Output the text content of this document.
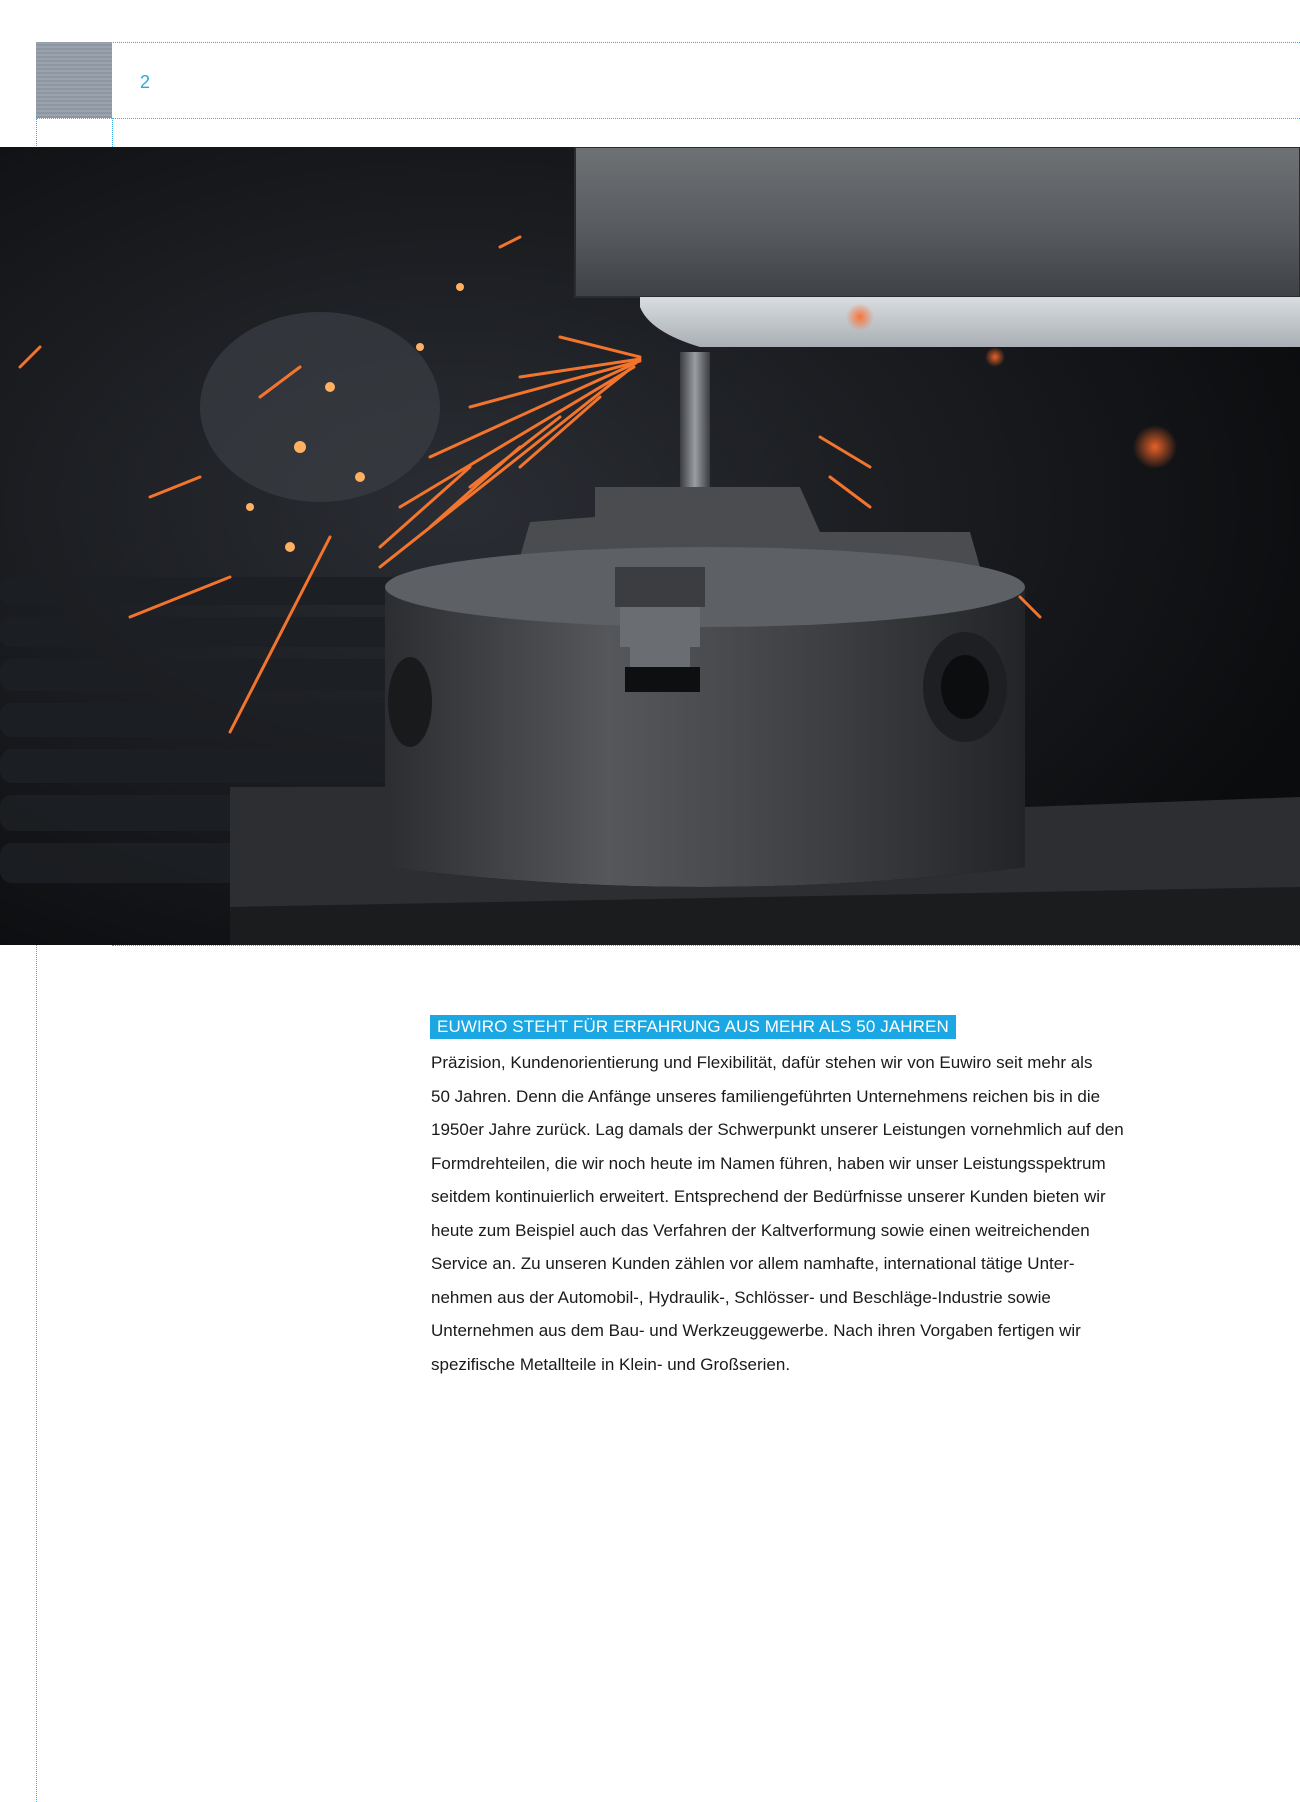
2
EUWIRO STEHT FÜR ERFAHRUNG AUS MEHR ALS 50 JAHREN
Präzision, Kundenorientierung und Flexibilität, dafür stehen wir von Euwiro seit mehr als
50 Jahren. Denn die Anfänge unseres familiengeführten Unternehmens reichen bis in die
1950er Jahre zurück. Lag damals der Schwerpunkt unserer Leistungen vornehmlich auf den
Formdrehteilen, die wir noch heute im Namen führen, haben wir unser Leistungsspektrum
seitdem kontinuierlich erweitert. Entsprechend der Bedürfnisse unserer Kunden bieten wir
heute zum Beispiel auch das Verfahren der Kaltverformung sowie einen weitreichenden
Service an. Zu unseren Kunden zählen vor allem namhafte, international tätige Unter-
nehmen aus der Automobil-, Hydraulik-, Schlösser- und Beschläge-Industrie sowie
Unternehmen aus dem Bau- und Werkzeuggewerbe. Nach ihren Vorgaben fertigen wir
spezifische Metallteile in Klein- und Großserien.
